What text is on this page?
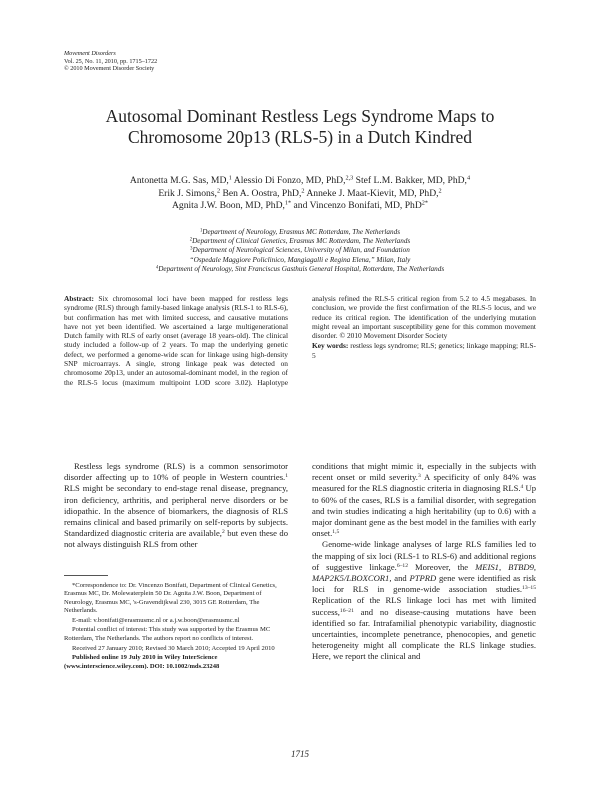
Movement Disorders
Vol. 25, No. 11, 2010, pp. 1715–1722
© 2010 Movement Disorder Society
Autosomal Dominant Restless Legs Syndrome Maps to
Chromosome 20p13 (RLS-5) in a Dutch Kindred
Antonetta M.G. Sas, MD,$^1$ Alessio Di Fonzo, MD, PhD,$^{2,3}$ Stef L.M. Bakker, MD, PhD,$^4$
Erik J. Simons,$^2$ Ben A. Oostra, PhD,$^2$ Anneke J. Maat-Kievit, MD, PhD,$^2$
Agnita J.W. Boon, MD, PhD,$^{1*}$ and Vincenzo Bonifati, MD, PhD$^{2*}$
$^1$Department of Neurology, Erasmus MC Rotterdam, The Netherlands
$^2$Department of Clinical Genetics, Erasmus MC Rotterdam, The Netherlands
$^3$Department of Neurological Sciences, University of Milan, and Foundation
“Ospedale Maggiore Policlinico, Mangiagalli e Regina Elena,” Milan, Italy
$^4$Department of Neurology, Sint Franciscus Gasthuis General Hospital, Rotterdam, The Netherlands
Abstract: Six chromosomal loci have been mapped for restless legs syndrome (RLS) through family-based linkage analysis (RLS-1 to RLS-6), but confirmation has met with limited success, and causative mutations have not yet been identified. We ascertained a large multigenerational Dutch family with RLS of early onset (average 18 years-old). The clinical study included a follow-up of 2 years. To map the underlying genetic defect, we performed a genome-wide scan for linkage using high-density SNP microarrays. A single, strong linkage peak was detected on chromosome 20p13, under an autosomal-dominant model, in the region of the RLS-5 locus (maximum multipoint LOD score 3.02). Haplotype analysis refined the RLS-5 critical region from 5.2 to 4.5 megabases. In conclusion, we provide the first confirmation of the RLS-5 locus, and we reduce its critical region. The identification of the underlying mutation might reveal an important susceptibility gene for this common movement disorder. © 2010 Movement Disorder Society
Key words: restless legs syndrome; RLS; genetics; linkage mapping; RLS-5

Restless legs syndrome (RLS) is a common sensorimotor disorder affecting up to 10% of people in Western countries.$^1$ RLS might be secondary to end-stage renal disease, pregnancy, iron deficiency, arthritis, and peripheral nerve disorders or be idiopathic. In the absence of biomarkers, the diagnosis of RLS remains clinical and based primarily on self-reports by subjects. Standardized diagnostic criteria are available,$^2$ but even these do not always distinguish RLS from other

*Correspondence to: Dr. Vincenzo Bonifati, Department of Clinical Genetics, Erasmus MC, Dr. Molewaterplein 50 Dr. Agnita J.W. Boon, Department of Neurology, Erasmus MC, 's-Gravendijkwal 230, 3015 GE Rotterdam, The Netherlands.

E-mail: v.bonifati@erasmusmc.nl or a.j.w.boon@erasmusmc.nl

Potential conflict of interest: This study was supported by the Erasmus MC Rotterdam, The Netherlands. The authors report no conflicts of interest.

Received 27 January 2010; Revised 30 March 2010; Accepted 19 April 2010

Published online 19 July 2010 in Wiley InterScience (www.interscience.wiley.com). DOI: 10.1002/mds.23248

conditions that might mimic it, especially in the subjects with recent onset or mild severity.$^3$ A specificity of only 84% was measured for the RLS diagnostic criteria in diagnosing RLS.$^4$ Up to 60% of the cases, RLS is a familial disorder, with segregation and twin studies indicating a high heritability (up to 0.6) with a major dominant gene as the best model in the families with early onset.$^{1,5}$

Genome-wide linkage analyses of large RLS families led to the mapping of six loci (RLS-1 to RLS-6) and additional regions of suggestive linkage.$^{6-12}$ Moreover, the MEIS1, BTBD9, MAP2K5/LBOXCOR1, and PTPRD gene were identified as risk loci for RLS in genome-wide association studies.$^{13-15}$ Replication of the RLS linkage loci has met with limited success,$^{16-21}$ and no disease-causing mutations have been identified so far. Intrafamilial phenotypic variability, diagnostic uncertainties, incomplete penetrance, phenocopies, and genetic heterogeneity might all complicate the RLS linkage studies. Here, we report the clinical and

1715
